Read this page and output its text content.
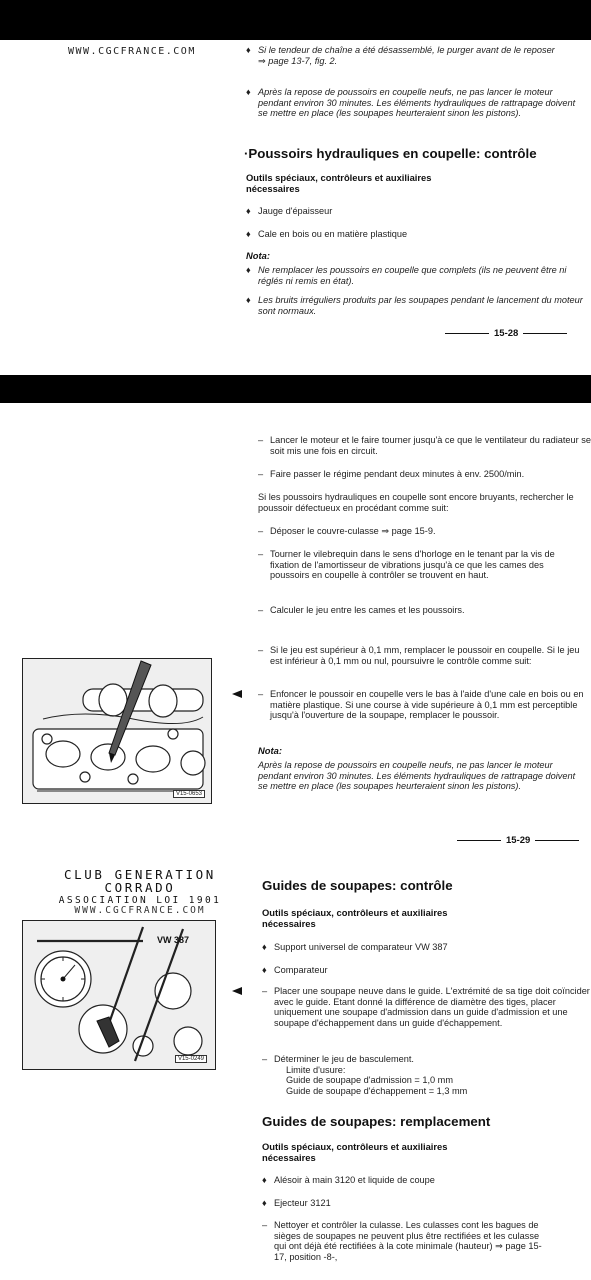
WWW.CGCFRANCE.COM	♦ Si le tendeur de chaîne a été désassemblé, le purger avant de le reposer
⇒ page 13-7, fig. 2.
♦ Après la repose de poussoirs en coupelle neufs, ne pas lancer le moteur pendant environ 30 minutes. Les éléments hydrauliques de rattrapage doivent se mettre en place (les soupapes heurteraient sinon les pistons).
·Poussoirs hydrauliques en coupelle: contrôle
Outils spéciaux, contrôleurs et auxiliaires nécessaires
♦ Jauge d'épaisseur
♦ Cale en bois ou en matière plastique
Nota:
♦ Ne remplacer les poussoirs en coupelle que complets (ils ne peuvent être ni réglés ni remis en état).
♦ Les bruits irréguliers produits par les soupapes pendant le lancement du moteur sont normaux.
15-28
– Lancer le moteur et le faire tourner jusqu'à ce que le ventilateur du radiateur se soit mis une fois en circuit.
– Faire passer le régime pendant deux minutes à env. 2500/min.
Si les poussoirs hydrauliques en coupelle sont encore bruyants, rechercher le poussoir défectueux en procédant comme suit:
– Déposer le couvre-culasse ⇒ page 15-9.
– Tourner le vilebrequin dans le sens d'horloge en le tenant par la vis de fixation de l'amortisseur de vibrations jusqu'à ce que les cames des poussoirs en coupelle à contrôler se trouvent en haut.
– Calculer le jeu entre les cames et les poussoirs.
– Si le jeu est supérieur à 0,1 mm, remplacer le poussoir en coupelle. Si le jeu est inférieur à 0,1 mm ou nul, poursuivre le contrôle comme suit:
– Enfoncer le poussoir en coupelle vers le bas à l'aide d'une cale en bois ou en matière plastique. Si une course à vide supérieure à 0,1 mm est perceptible jusqu'à l'ouverture de la soupape, remplacer le poussoir.
Nota:
Après la repose de poussoirs en coupelle neufs, ne pas lancer le moteur pendant environ 30 minutes. Les éléments hydrauliques de rattrapage doivent se mettre en place (les soupapes heurteraient sinon les pistons).
V15-0653
15-29
CLUB GENERATION
CORRADO
ASSOCIATION LOI 1901
WWW.CGCFRANCE.COM
Guides de soupapes: contrôle
Outils spéciaux, contrôleurs et auxiliaires nécessaires
♦ Support universel de comparateur VW 387
♦ Comparateur
– Placer une soupape neuve dans le guide. L'extrémité de sa tige doit coïncider avec le guide. Etant donné la différence de diamètre des tiges, placer uniquement une soupape d'admission dans un guide d'admission et une soupape d'échappement dans un guide d'échappement.
– Déterminer le jeu de basculement.
Limite d'usure:
Guide de soupape d'admission = 1,0 mm
Guide de soupape d'échappement = 1,3 mm
V15-0249
VW 387
Guides de soupapes: remplacement
Outils spéciaux, contrôleurs et auxiliaires nécessaires
♦ Alésoir à main 3120 et liquide de coupe
♦ Ejecteur 3121
– Nettoyer et contrôler la culasse. Les culasses cont les bagues de sièges de soupapes ne peuvent plus être rectifiées et les culasse qui ont déjà été rectifiées à la cote minimale (hauteur) ⇒ page 15-17, position -8-,
